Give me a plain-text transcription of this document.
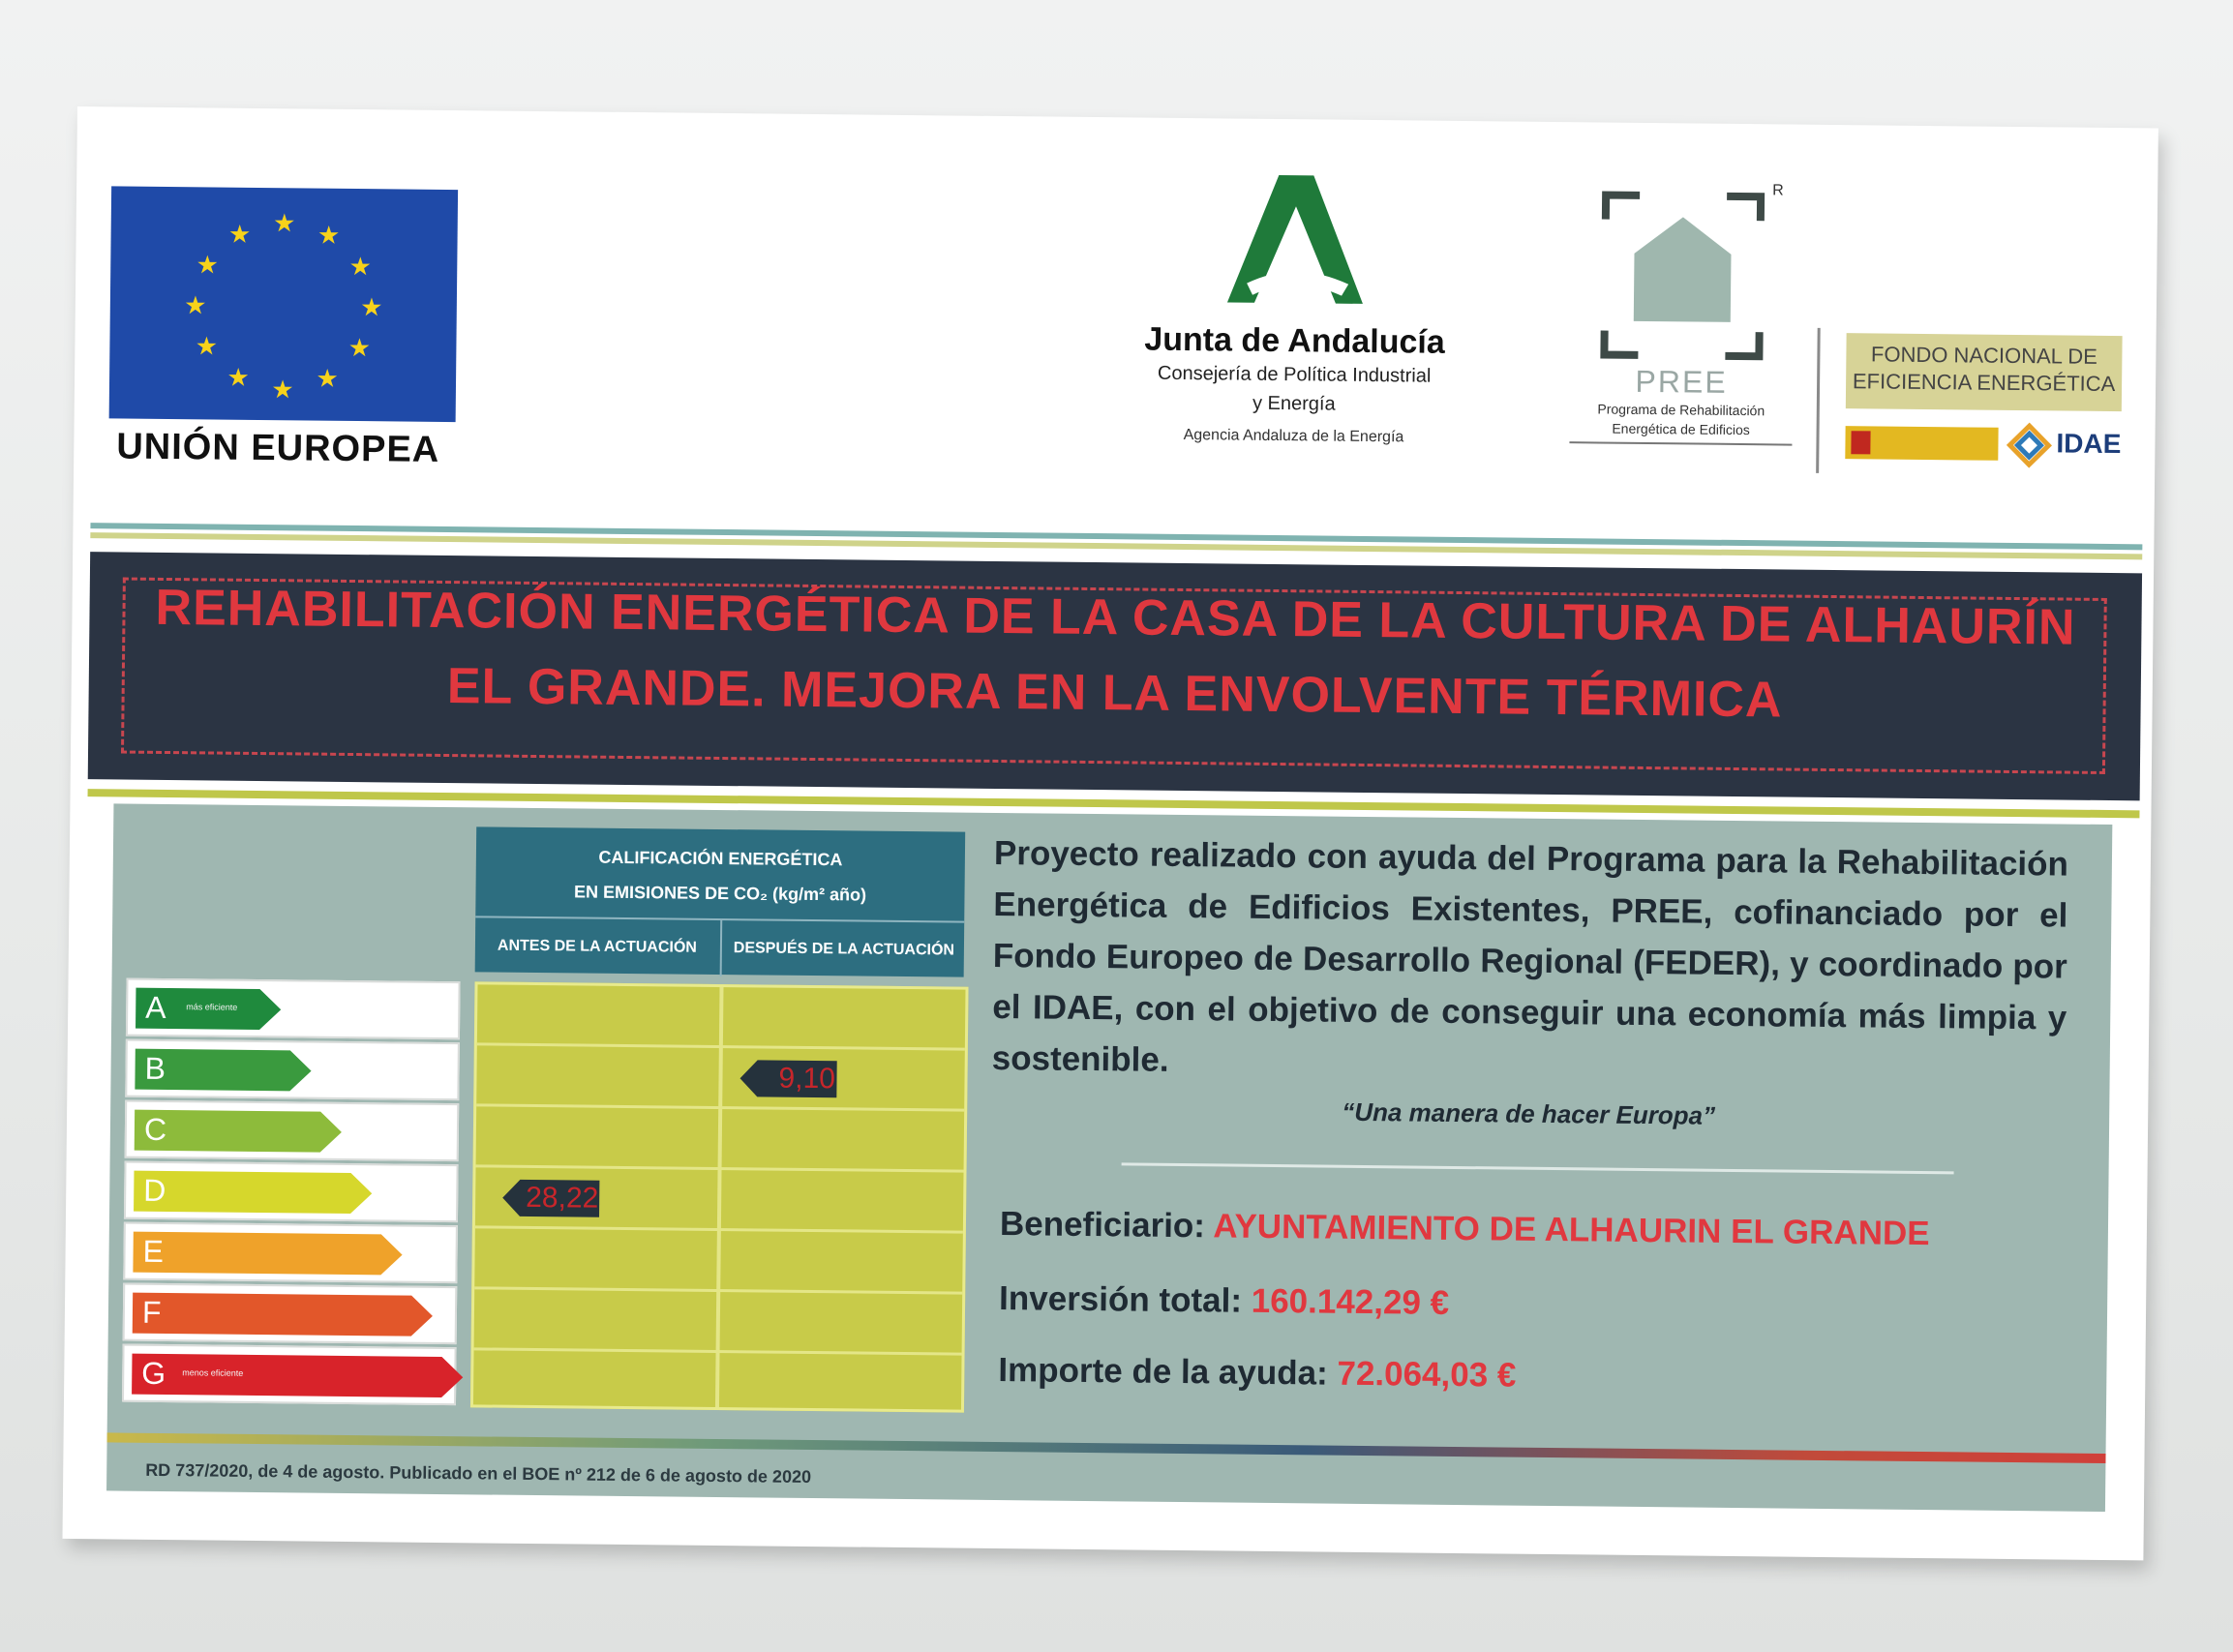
★ ★
★
★
★
★
★
★
★
★
★
★
UNIÓN EUROPEA
Junta de Andalucía
Consejería de Política Industrial
y Energía
Agencia Andaluza de la Energía
R
PREE
Programa de Rehabilitación
Energética de Edificios
FONDO NACIONAL DE
EFICIENCIA ENERGÉTICA
IDAE
REHABILITACIÓN ENERGÉTICA DE LA CASA DE LA CULTURA DE ALHAURÍN
EL GRANDE. MEJORA EN LA ENVOLVENTE TÉRMICA
CALIFICACIÓN ENERGÉTICA
EN EMISIONES DE CO₂ (kg/m² año)
ANTES DE LA ACTUACIÓN	DESPUÉS DE LA ACTUACIÓN
A más eficiente
B
C
D
E
F
G menos eficiente
28,22
9,10
Proyecto realizado con ayuda del Programa para la Rehabilitación Energética de Edificios Existentes, PREE, cofinanciado por el Fondo Europeo de Desarrollo Regional (FEDER), y coordinado por el IDAE, con el objetivo de conseguir una economía más limpia y sostenible.
“Una manera de hacer Europa”
Beneficiario: AYUNTAMIENTO DE ALHAURIN EL GRANDE
Inversión total: 160.142,29 €
Importe de la ayuda: 72.064,03 €
RD 737/2020, de 4 de agosto. Publicado en el BOE nº 212 de 6 de agosto de 2020
